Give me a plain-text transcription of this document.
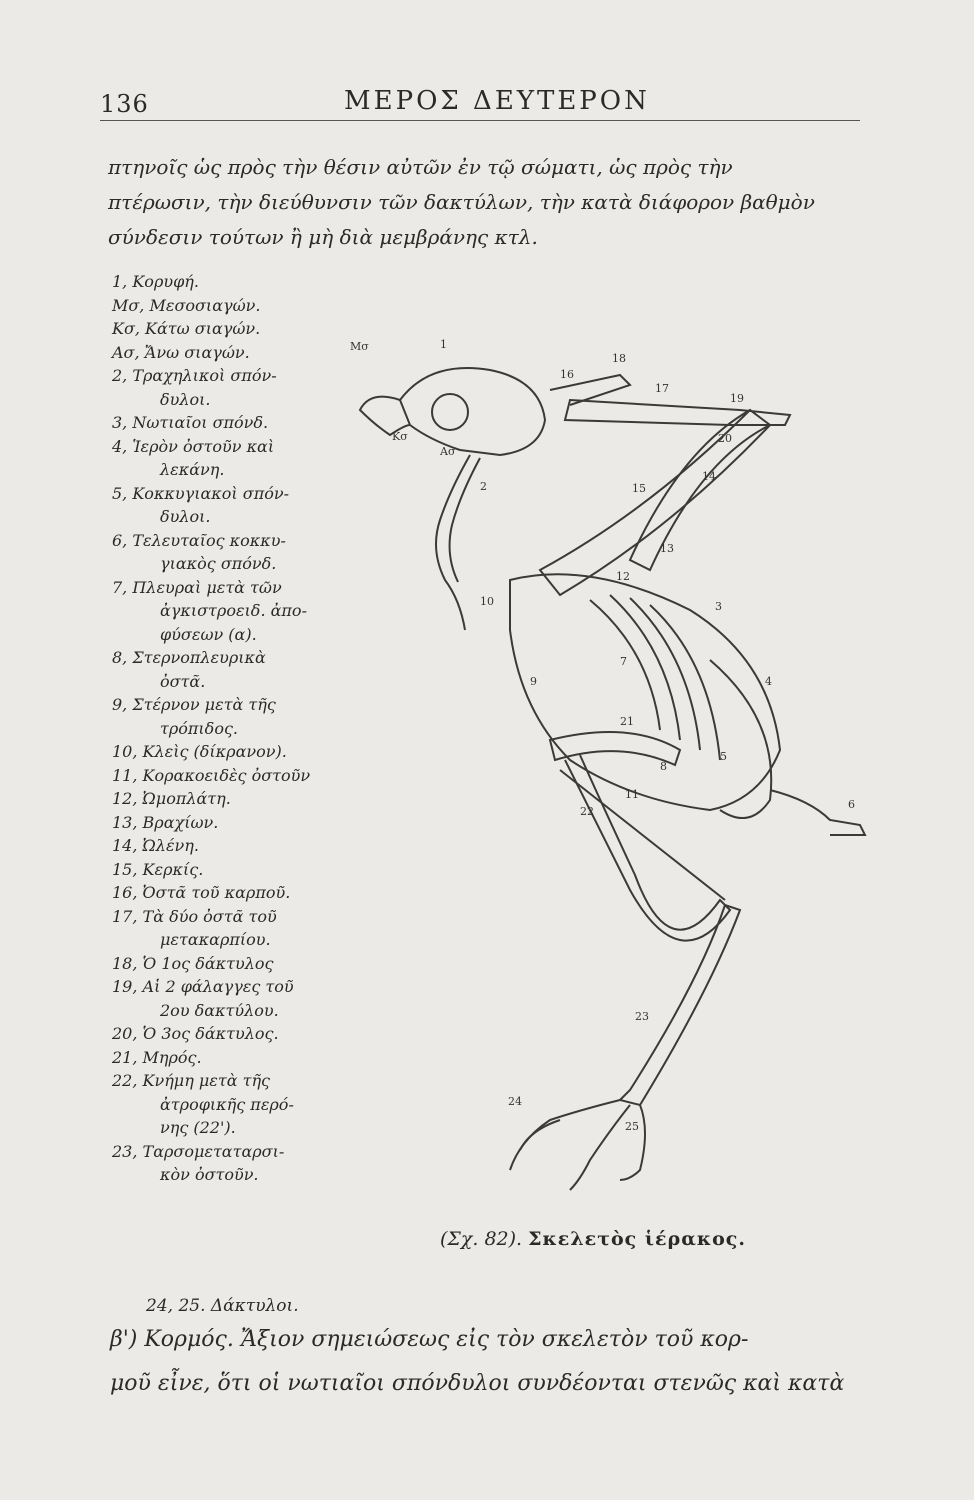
136	ΜΕΡΟΣ ΔΕΥΤΕΡΟΝ
πτηνοῖς ὡς πρὸς τὴν θέσιν αὐτῶν ἐν τῷ σώματι, ὡς πρὸς τὴν
πτέρωσιν, τὴν διεύθυνσιν τῶν δακτύλων, τὴν κατὰ διάφορον βαθμὸν
σύνδεσιν τούτων ἢ μὴ διὰ μεμβράνης κτλ.
1, Κορυφή.
Μσ, Μεσοσιαγών.
Κσ, Κάτω σιαγών.
Ασ, Ἄνω σιαγών.
2, Τραχηλικοὶ σπόν-
δυλοι.
3, Νωτιαῖοι σπόνδ.
4, Ἱερὸν ὀστοῦν καὶ
λεκάνη.
5, Κοκκυγιακοὶ σπόν-
δυλοι.
6, Τελευταῖος κοκκυ-
γιακὸς σπόνδ.
7, Πλευραὶ μετὰ τῶν
ἀγκιστροειδ. ἀπο-
φύσεων (α).
8, Στερνοπλευρικὰ
ὀστᾶ.
9, Στέρνον μετὰ τῆς
τρόπιδος.
10, Κλεὶς (δίκρανον).
11, Κορακοειδὲς ὀστοῦν
12, Ὠμοπλάτη.
13, Βραχίων.
14, Ὠλένη.
15, Κερκίς.
16, Ὀστᾶ τοῦ καρποῦ.
17, Τὰ δύο ὀστᾶ τοῦ
μετακαρπίου.
18, Ὁ 1ος δάκτυλος
19, Αἱ 2 φάλαγγες τοῦ
2ου δακτύλου.
20, Ὁ 3ος δάκτυλος.
21, Μηρός.
22, Κνήμη μετὰ τῆς
ἀτροφικῆς περό-
νης (22').
23, Ταρσομεταταρσι-
κὸν ὀστοῦν.
Μσ	1
18
16
17
19
Κσ
Ασ
15
14
20
2
13
12
3
10
7
9	4
21
8
5
22
11
6
23
24
25
(Σχ. 82). Σκελετὸς ἱέρακος.
24, 25. Δάκτυλοι.
β') Κορμός. Ἄξιον σημειώσεως εἰς τὸν σκελετὸν τοῦ κορ-
μοῦ εἶνε, ὅτι οἱ νωτιαῖοι σπόνδυλοι συνδέονται στενῶς καὶ κατὰ
